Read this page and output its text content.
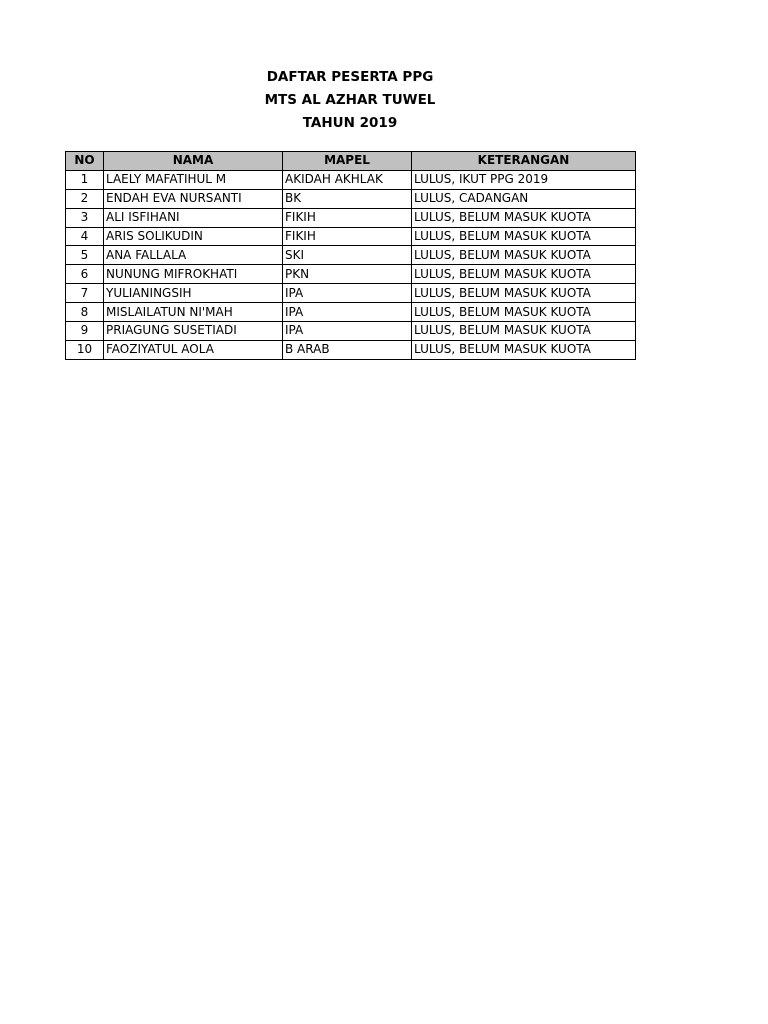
DAFTAR PESERTA PPG
MTS AL AZHAR TUWEL
TAHUN 2019
NO	NAMA	MAPEL	KETERANGAN
1	LAELY MAFATIHUL M	AKIDAH AKHLAK	LULUS, IKUT PPG 2019
2	ENDAH EVA NURSANTI	BK	LULUS, CADANGAN
3	ALI ISFIHANI	FIKIH	LULUS, BELUM MASUK KUOTA
4	ARIS SOLIKUDIN	FIKIH	LULUS, BELUM MASUK KUOTA
5	ANA FALLALA	SKI	LULUS, BELUM MASUK KUOTA
6	NUNUNG MIFROKHATI	PKN	LULUS, BELUM MASUK KUOTA
7	YULIANINGSIH	IPA	LULUS, BELUM MASUK KUOTA
8	MISLAILATUN NI'MAH	IPA	LULUS, BELUM MASUK KUOTA
9	PRIAGUNG SUSETIADI	IPA	LULUS, BELUM MASUK KUOTA
10	FAOZIYATUL AOLA	B ARAB	LULUS, BELUM MASUK KUOTA
